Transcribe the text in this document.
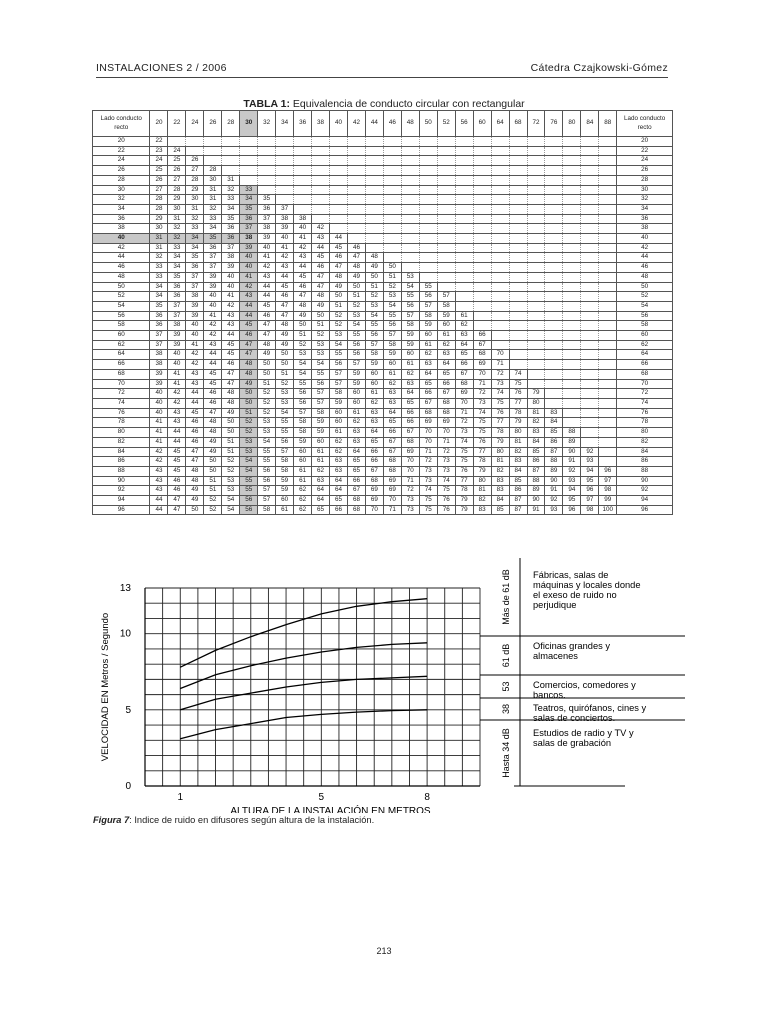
INSTALACIONES 2 / 2006	Cátedra Czajkowski-Gómez
TABLA 1: Equivalencia de conducto circular con rectangular
Lado conducto recto	20	22	24	26	28	30	32	34	36	38	40	42	44	46	48	50	52	56	60	64	68	72	76	80	84	88	Lado conducto recto
20	22																										20
22	23	24																									22
24	24	25	26																								24
26	25	26	27	28																							26
28	26	27	28	30	31																						28
30	27	28	29	31	32	33																					30
32	28	29	30	31	33	34	35																				32
34	28	30	31	32	34	35	36	37																			34
36	29	31	32	33	35	36	37	38	38																		36
38	30	32	33	34	36	37	38	39	40	42																	38
40	31	32	34	35	36	38	39	40	41	43	44																40
42	31	33	34	36	37	39	40	41	42	44	45	46															42
44	32	34	35	37	38	40	41	42	43	45	46	47	48														44
46	33	34	36	37	39	40	42	43	44	46	47	48	49	50													46
48	33	35	37	39	40	41	43	44	45	47	48	49	50	51	53												48
50	34	36	37	39	40	42	44	45	46	47	49	50	51	52	54	55											50
52	34	36	38	40	41	43	44	46	47	48	50	51	52	53	55	56	57										52
54	35	37	39	40	42	44	45	47	48	49	51	52	53	54	56	57	58										54
56	36	37	39	41	43	44	46	47	49	50	52	53	54	55	57	58	59	61									56
58	36	38	40	42	43	45	47	48	50	51	52	54	55	56	58	59	60	62									58
60	37	39	40	42	44	46	47	49	51	52	53	55	56	57	59	60	61	63	66								60
62	37	39	41	43	45	47	48	49	52	53	54	56	57	58	59	61	62	64	67								62
64	38	40	42	44	45	47	49	50	53	53	55	56	58	59	60	62	63	65	68	70							64
66	38	40	42	44	46	48	50	50	54	54	56	57	59	60	61	63	64	66	69	71							66
68	39	41	43	45	47	48	50	51	54	55	57	59	60	61	62	64	65	67	70	72	74						68
70	39	41	43	45	47	49	51	52	55	56	57	59	60	62	63	65	66	68	71	73	75						70
72	40	42	44	46	48	50	52	53	56	57	58	60	61	63	64	66	67	69	72	74	76	79					72
74	40	42	44	46	48	50	52	53	56	57	59	60	62	63	65	67	68	70	73	75	77	80					74
76	40	43	45	47	49	51	52	54	57	58	60	61	63	64	66	68	68	71	74	76	78	81	83				76
78	41	43	46	48	50	52	53	55	58	59	60	62	63	65	66	69	69	72	75	77	79	82	84				78
80	41	44	46	48	50	52	53	55	58	59	61	63	64	66	67	70	70	73	75	78	80	83	85	88			80
82	41	44	46	49	51	53	54	56	59	60	62	63	65	67	68	70	71	74	76	79	81	84	86	89			82
84	42	45	47	49	51	53	55	57	60	61	62	64	66	67	69	71	72	75	77	80	82	85	87	90	92		84
86	42	45	47	50	52	54	55	58	60	61	63	65	66	68	70	72	73	75	78	81	83	86	88	91	93		86
88	43	45	48	50	52	54	56	58	61	62	63	65	67	68	70	73	73	76	79	82	84	87	89	92	94	96	88
90	43	46	48	51	53	55	56	59	61	63	64	66	68	69	71	73	74	77	80	83	85	88	90	93	95	97	90
92	43	46	49	51	53	55	57	59	62	64	64	67	69	69	72	74	75	78	81	83	86	89	91	94	96	98	92
94	44	47	49	52	54	56	57	60	62	64	65	68	69	70	73	75	76	79	82	84	87	90	92	95	97	99	94
96	44	47	50	52	54	56	58	61	62	65	66	68	70	71	73	75	76	79	83	85	87	91	93	96	98	100	96
0
5
10
13
1	5	8
ALTURA DE LA INSTALACIÓN EN METROS
VELOCIDAD EN Metros / Segundo
Más de 61 dB Fábricas, salas de máquinas y locales donde el exeso de ruido no perjudique
61 dB Oficinas grandes y almacenes
53 Comercios, comedores y bancos.
38 Teatros, quirófanos, cines y salas de conciertos.
Hasta 34 dB Estudios de radio y TV y salas de grabación
Figura 7: Indice de ruido en difusores según altura de la instalación.
213
